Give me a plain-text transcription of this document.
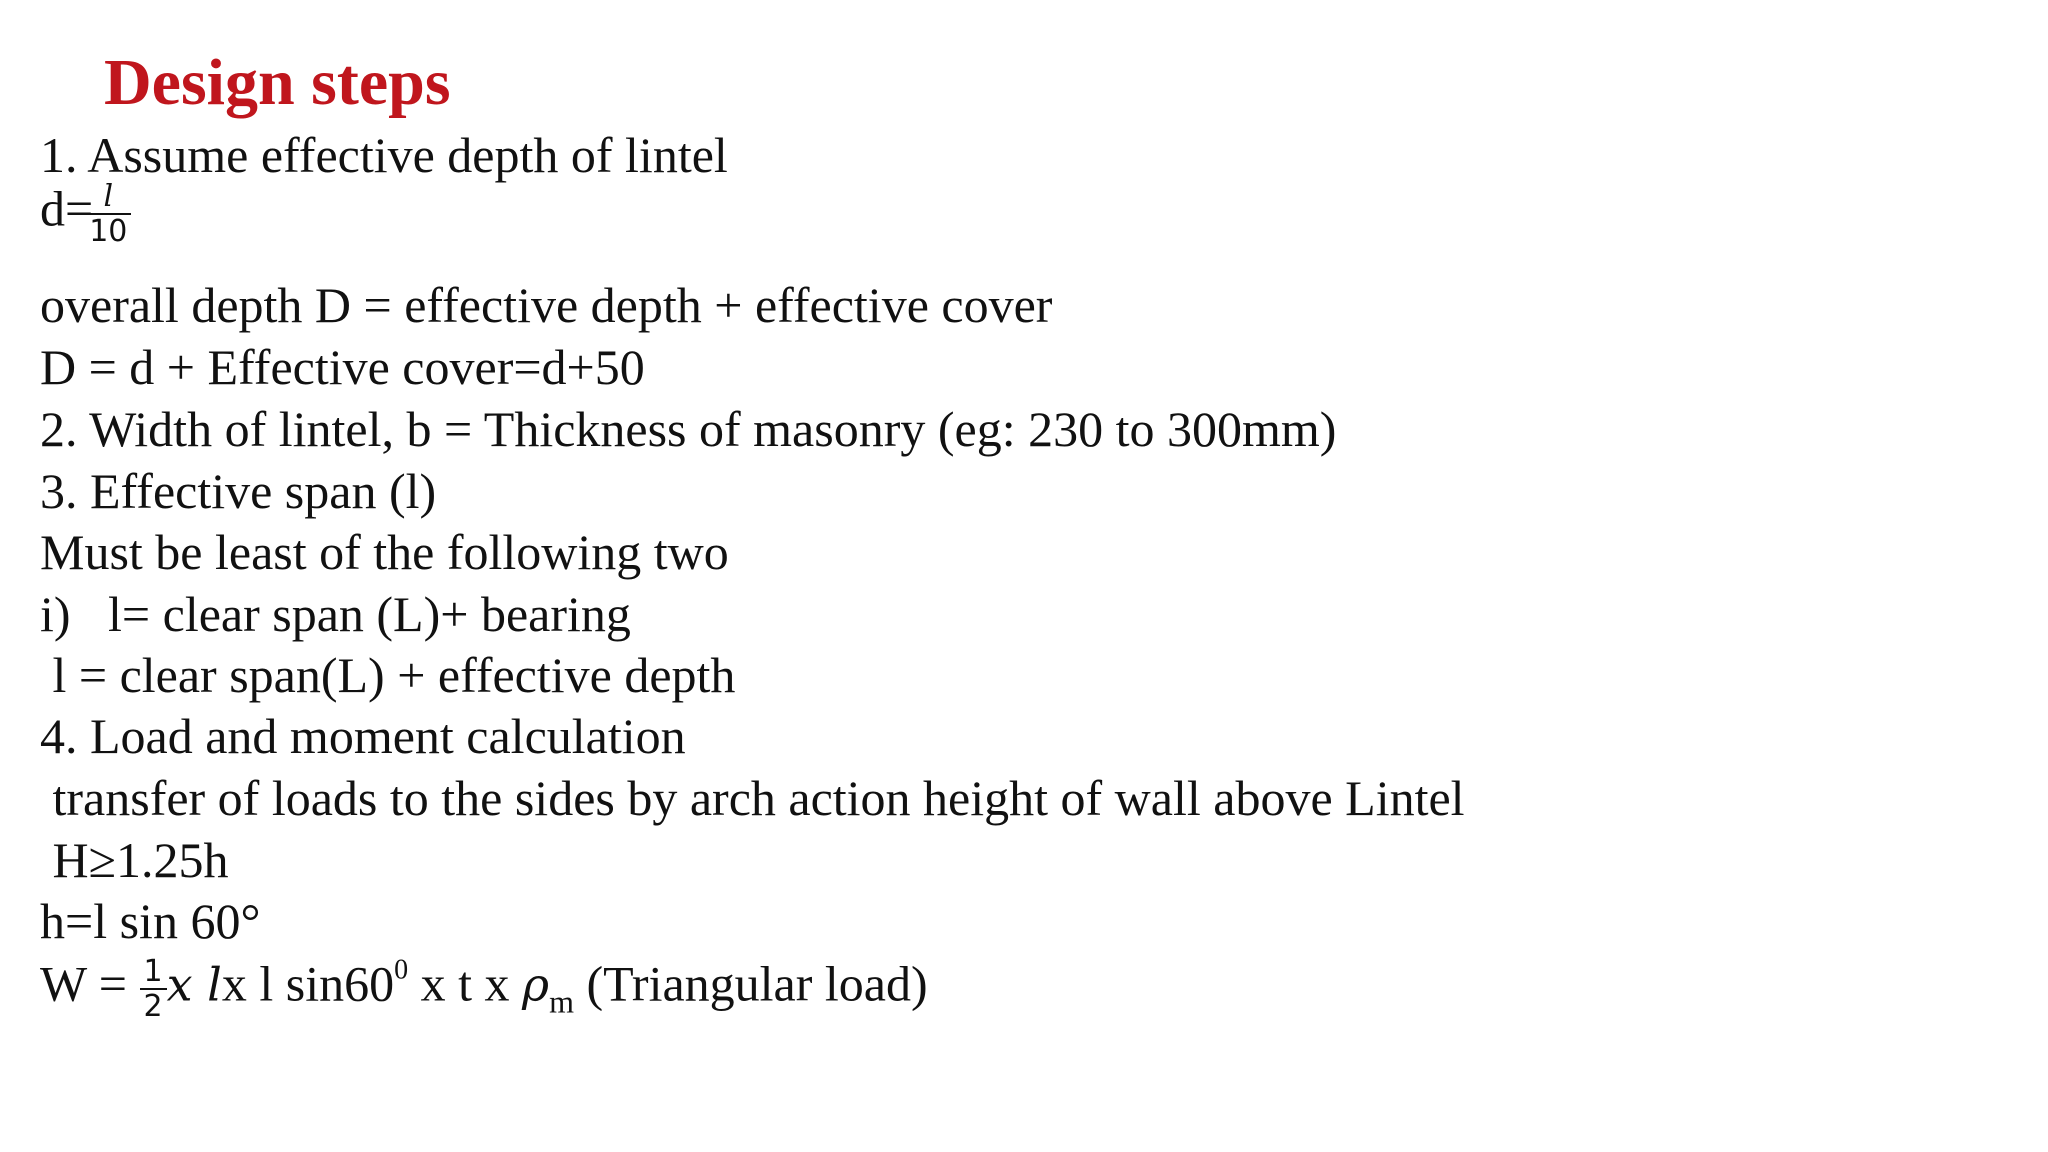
Design steps
1. Assume effective depth of lintel
d=
$\frac{l}{10}$
overall depth D = effective depth + effective cover
D = d + Effective cover=d+50
2. Width of lintel, b = Thickness of masonry (eg: 230 to 300mm)
3. Effective span (l)
Must be least of the following two
i)   l= clear span (L)+ bearing
l = clear span(L) + effective depth
4. Load and moment calculation
transfer of loads to the sides by arch action height of wall above Lintel
H≥1.25h
h=l sin 60°
$W = \frac{1}{2}$ x lx l $\sin 60^0$ x t x $\rho_m$ (Triangular load)
